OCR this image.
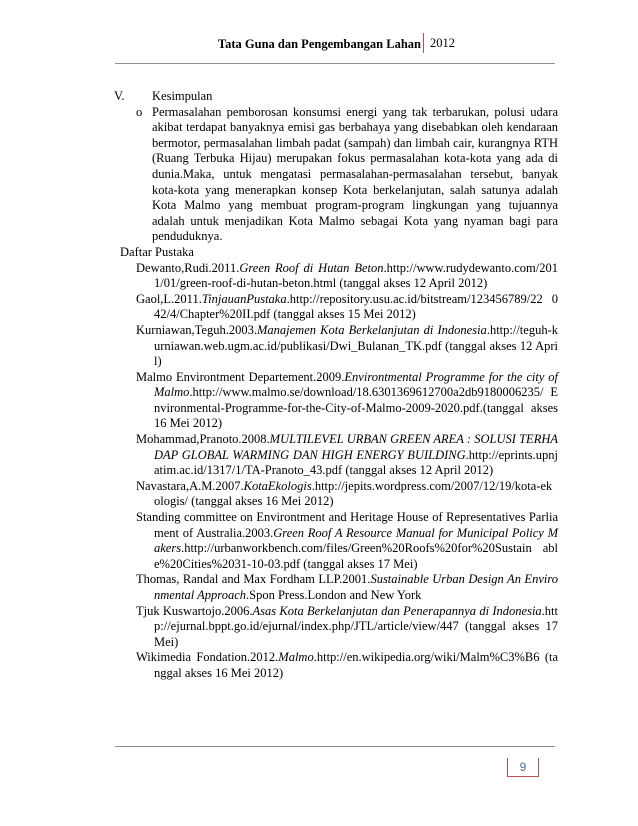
Tata Guna dan Pengembangan Lahan 2012
V. Kesimpulan
o Permasalahan pemborosan konsumsi energi yang tak terbarukan, polusi udara akibat terdapat banyaknya emisi gas berbahaya yang disebabkan oleh kendaraan bermotor, permasalahan limbah padat (sampah) dan limbah cair, kurangnya RTH (Ruang Terbuka Hijau) merupakan fokus permasalahan kota-kota yang ada di dunia.Maka, untuk mengatasi permasalahan-permasalahan tersebut, banyak kota-kota yang menerapkan konsep Kota berkelanjutan, salah satunya adalah Kota Malmo yang membuat program-program lingkungan yang tujuannya adalah untuk menjadikan Kota Malmo sebagai Kota yang nyaman bagi para penduduknya.
Daftar Pustaka
Dewanto,Rudi.2011.Green Roof di Hutan Beton.http://www.rudydewanto.com/2011/01/green-roof-di-hutan-beton.html (tanggal akses 12 April 2012)
Gaol,L.2011.TinjauanPustaka.http://repository.usu.ac.id/bitstream/123456789/22 042/4/Chapter%20II.pdf (tanggal akses 15 Mei 2012)
Kurniawan,Teguh.2003.Manajemen Kota Berkelanjutan di Indonesia.http://teguh-kurniawan.web.ugm.ac.id/publikasi/Dwi_Bulanan_TK.pdf (tanggal akses 12 April)
Malmo Environtment Departement.2009.Environtmental Programme for the city of Malmo.http://www.malmo.se/download/18.6301369612700a2db9180006235/ Environmental-Programme-for-the-City-of-Malmo-2009-2020.pdf.(tanggal akses 16 Mei 2012)
Mohammad,Pranoto.2008.MULTILEVEL URBAN GREEN AREA : SOLUSI TERHADAP GLOBAL WARMING DAN HIGH ENERGY BUILDING.http://eprints.upnjatim.ac.id/1317/1/TA-Pranoto_43.pdf (tanggal akses 12 April 2012)
Navastara,A.M.2007.KotaEkologis.http://jepits.wordpress.com/2007/12/19/kota-ekologis/ (tanggal akses 16 Mei 2012)
Standing committee on Environtment and Heritage House of Representatives Parliament of Australia.2003.Green Roof A Resource Manual for Municipal Policy Makers.http://urbanworkbench.com/files/Green%20Roofs%20for%20Sustain able%20Cities%2031-10-03.pdf (tanggal akses 17 Mei)
Thomas, Randal and Max Fordham LLP.2001.Sustainable Urban Design An Environmental Approach.Spon Press.London and New York
Tjuk Kuswartojo.2006.Asas Kota Berkelanjutan dan Penerapannya di Indonesia.http://ejurnal.bppt.go.id/ejurnal/index.php/JTL/article/view/447 (tanggal akses 17 Mei)
Wikimedia Fondation.2012.Malmo.http://en.wikipedia.org/wiki/Malm%C3%B6 (tanggal akses 16 Mei 2012)
9
